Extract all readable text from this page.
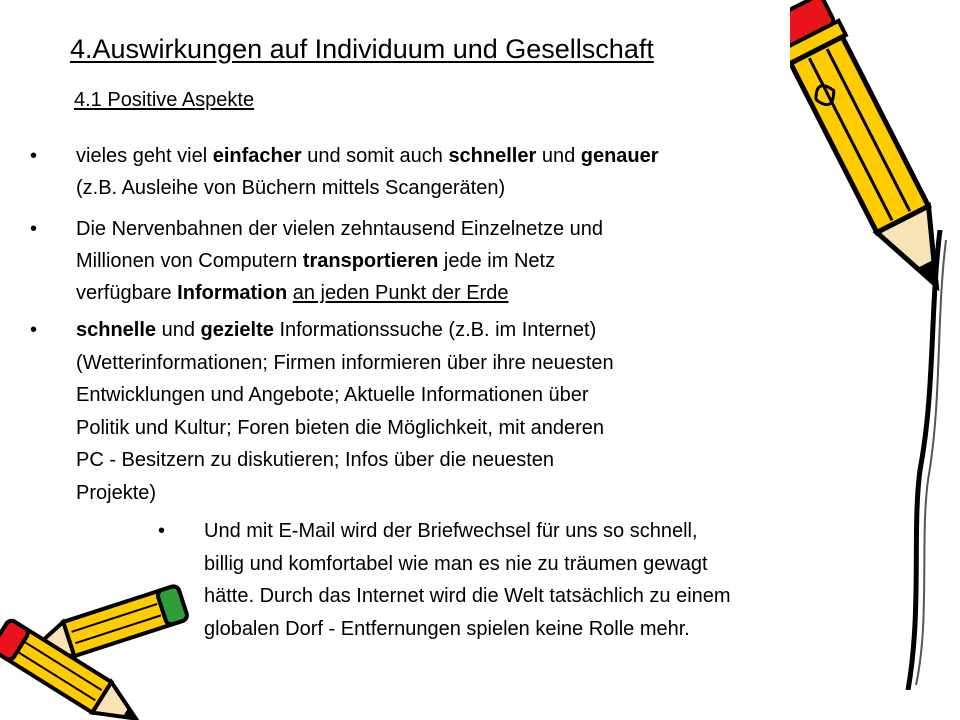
4.Auswirkungen auf Individuum und Gesellschaft
4.1 Positive Aspekte
• vieles geht viel einfacher und somit auch schneller und genauer
(z.B. Ausleihe von Büchern mittels Scangeräten)
• Die Nervenbahnen der vielen zehntausend Einzelnetze und
Millionen von Computern transportieren jede im Netz
verfügbare Information an jeden Punkt der Erde
• schnelle und gezielte Informationssuche (z.B. im Internet)
(Wetterinformationen; Firmen informieren über ihre neuesten
Entwicklungen und Angebote; Aktuelle Informationen über
Politik und Kultur; Foren bieten die Möglichkeit, mit anderen
PC - Besitzern zu diskutieren; Infos über die neuesten
Projekte)
• Und mit E-Mail wird der Briefwechsel für uns so schnell,
billig und komfortabel wie man es nie zu träumen gewagt
hätte. Durch das Internet wird die Welt tatsächlich zu einem
globalen Dorf - Entfernungen spielen keine Rolle mehr.
